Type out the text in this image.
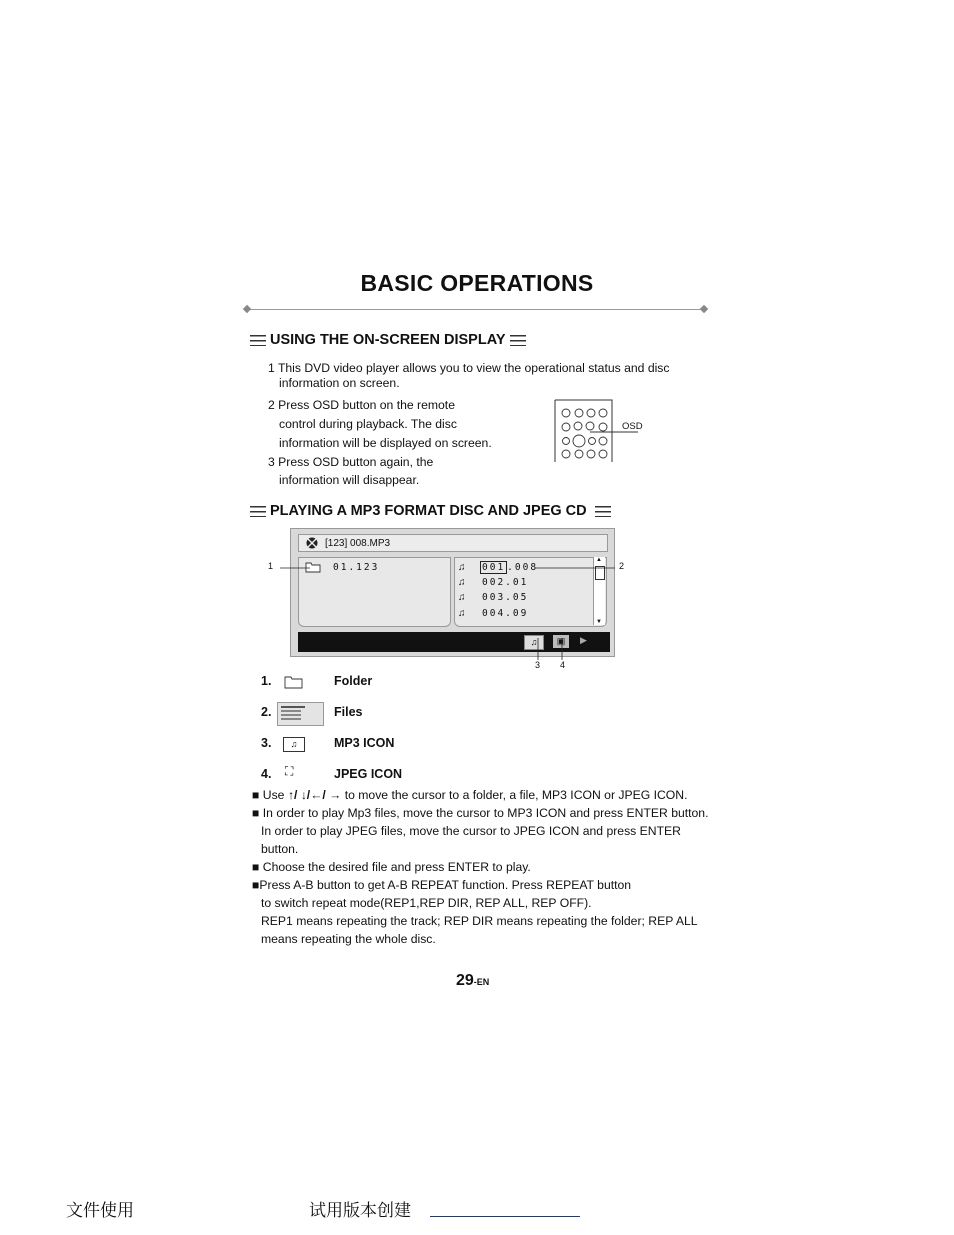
BASIC OPERATIONS
USING THE ON-SCREEN DISPLAY
1 This DVD video player allows you to view the operational status and disc
information on screen.
2 Press OSD button on the remote
control during playback. The disc
information will be displayed on screen.
3 Press OSD button again, the
information will disappear.
OSD
PLAYING A MP3 FORMAT DISC AND JPEG CD
[123] 008.MP3
01.123
▲
▼
♫ 001 .008
♫ 002.01
♫ 003.05
♫ 004.09
♫	▣	▶
1	2
3 4
1.	Folder
2.	Files
3.	♫	MP3 ICON
4. ⛶	JPEG ICON
■ Use ↑/ ↓/←/ → to move the cursor to a folder, a file, MP3 ICON or JPEG ICON.
■ In order to play Mp3 files, move the cursor to MP3 ICON and press ENTER button.
In order to play JPEG files, move the cursor to JPEG ICON and press ENTER
button.
■ Choose the desired file and press ENTER to play.
■Press A-B button to get A-B REPEAT function. Press REPEAT button
to switch repeat mode(REP1,REP DIR, REP ALL, REP OFF).
REP1 means repeating the track; REP DIR means repeating the folder; REP ALL
means repeating the whole disc.
29-EN
文件使用	试用版本创建
